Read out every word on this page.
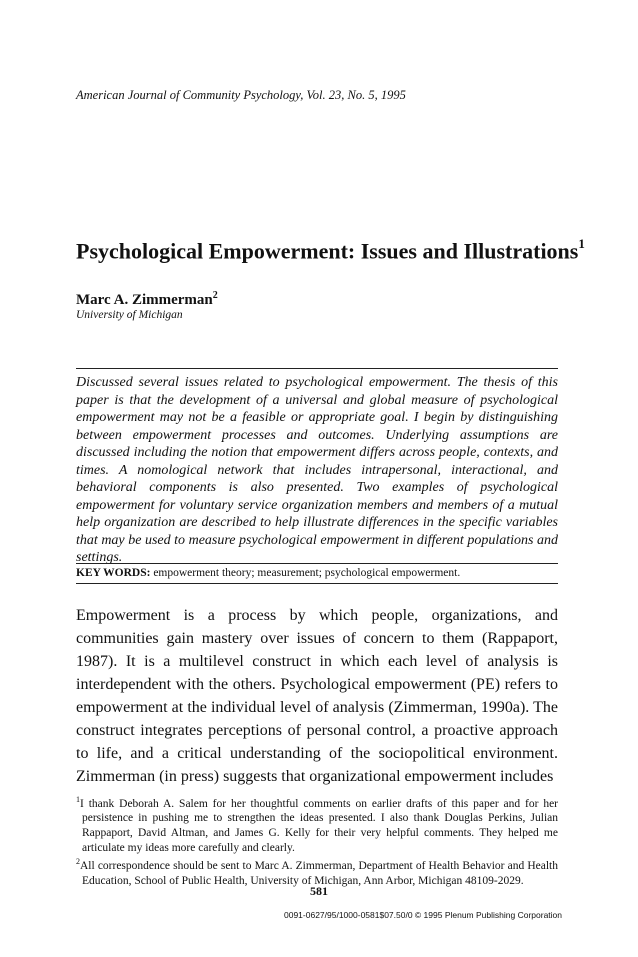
American Journal of Community Psychology, Vol. 23, No. 5, 1995
Psychological Empowerment: Issues and Illustrations$^1$
Marc A. Zimmerman$^2$
University of Michigan

Discussed several issues related to psychological empowerment. The thesis of this paper is that the development of a universal and global measure of psychological empowerment may not be a feasible or appropriate goal. I begin by distinguishing between empowerment processes and outcomes. Underlying assumptions are discussed including the notion that empowerment differs across people, contexts, and times. A nomological network that includes intrapersonal, interactional, and behavioral components is also presented. Two examples of psychological empowerment for voluntary service organization members and members of a mutual help organization are described to help illustrate differences in the specific variables that may be used to measure psychological empowerment in different populations and settings.

KEY WORDS: empowerment theory; measurement; psychological empowerment.

Empowerment is a process by which people, organizations, and communities gain mastery over issues of concern to them (Rappaport, 1987). It is a multilevel construct in which each level of analysis is interdependent with the others. Psychological empowerment (PE) refers to empowerment at the individual level of analysis (Zimmerman, 1990a). The construct integrates perceptions of personal control, a proactive approach to life, and a critical understanding of the sociopolitical environment. Zimmerman (in press) suggests that organizational empowerment includes

$^1$I thank Deborah A. Salem for her thoughtful comments on earlier drafts of this paper and for her persistence in pushing me to strengthen the ideas presented. I also thank Douglas Perkins, Julian Rappaport, David Altman, and James G. Kelly for their very helpful comments. They helped me articulate my ideas more carefully and clearly.

$^2$All correspondence should be sent to Marc A. Zimmerman, Department of Health Behavior and Health Education, School of Public Health, University of Michigan, Ann Arbor, Michigan 48109-2029.

581
0091-0627/95/1000-0581$07.50/0 © 1995 Plenum Publishing Corporation
